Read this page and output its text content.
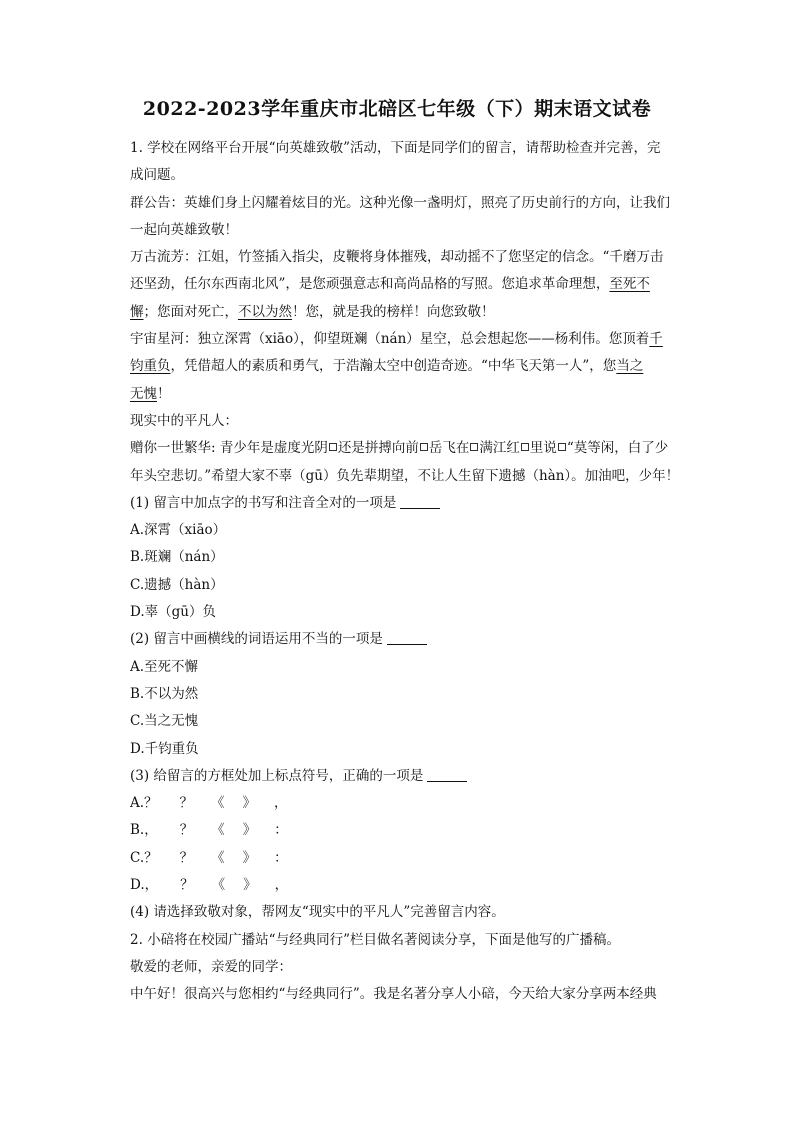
2022-2023学年重庆市北碚区七年级（下）期末语文试卷
1. 学校在网络平台开展“向英雄致敬”活动，下面是同学们的留言，请帮助检查并完善，完
成问题。
群公告：英雄们身上闪耀着炫目的光。这种光像一盏明灯，照亮了历史前行的方向，让我们
一起向英雄致敬！
万古流芳：江姐，竹签插入指尖，皮鞭将身体摧残，却动摇不了您坚定的信念。“千磨万击
还坚劲，任尔东西南北风”，是您顽强意志和高尚品格的写照。您追求革命理想，至死不
懈；您面对死亡，不以为然！您，就是我的榜样！向您致敬！
宇宙星河：独立深霄（xiāo），仰望斑斓（nán）星空，总会想起您——杨利伟。您顶着千
钧重负，凭借超人的素质和勇气，于浩瀚太空中创造奇迹。“中华飞天第一人”，您当之
无愧！
现实中的平凡人：
赠你一世繁华: 青少年是虚度光阴 还是拼搏向前 岳飞在 满江红 里说 “莫等闲，白了少
年头空悲切。”希望大家不辜（gū）负先辈期望，不让人生留下遗撼（hàn）。加油吧，少年！
(1) 留言中加点字的书写和注音全对的一项是
A.深霄（xiāo）
B.斑斓（nán）
C.遗撼（hàn）
D.辜（gū）负
(2) 留言中画横线的词语运用不当的一项是
A.至死不懈
B.不以为然
C.当之无愧
D.千钧重负
(3) 给留言的方框处加上标点符号，正确的一项是
A.？ ？ 《 》 ，
B.， ？ 《 》 ：
C.？ ？ 《 》 ：
D.， ？ 《 》 ，
(4) 请选择致敬对象，帮网友“现实中的平凡人”完善留言内容。
2. 小碚将在校园广播站“与经典同行”栏目做名著阅读分享，下面是他写的广播稿。
敬爱的老师，亲爱的同学：
中午好！很高兴与您相约“与经典同行”。我是名著分享人小碚，今天给大家分享两本经典
